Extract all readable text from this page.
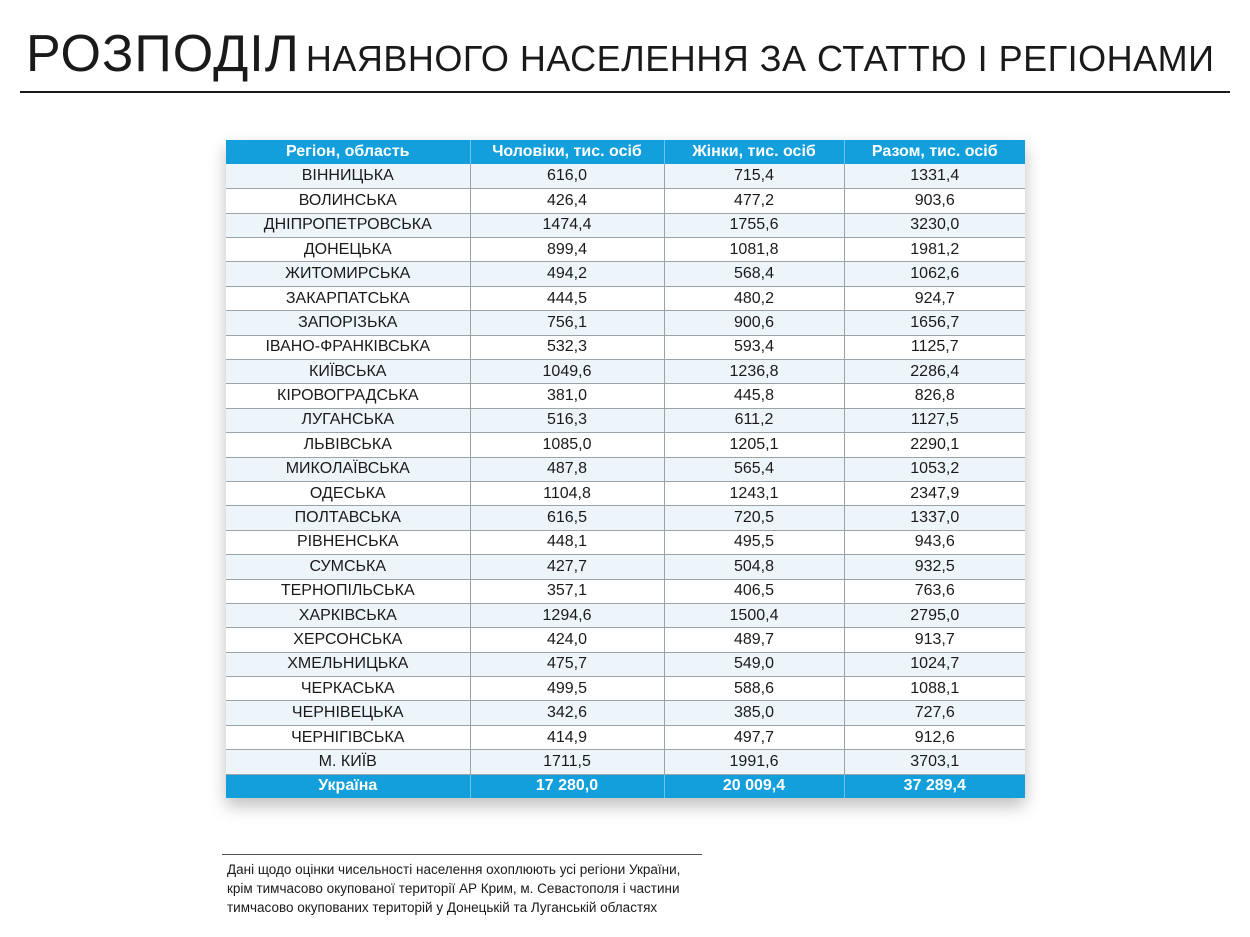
РОЗПОДІЛ НАЯВНОГО НАСЕЛЕННЯ ЗА СТАТТЮ І РЕГІОНАМИ
Регіон, область	Чоловіки, тис. осіб	Жінки, тис. осіб	Разом, тис. осіб
ВІННИЦЬКА	616,0	715,4	1331,4
ВОЛИНСЬКА	426,4	477,2	903,6
ДНІПРОПЕТРОВСЬКА	1474,4	1755,6	3230,0
ДОНЕЦЬКА	899,4	1081,8	1981,2
ЖИТОМИРСЬКА	494,2	568,4	1062,6
ЗАКАРПАТСЬКА	444,5	480,2	924,7
ЗАПОРІЗЬКА	756,1	900,6	1656,7
ІВАНО-ФРАНКІВСЬКА	532,3	593,4	1125,7
КИЇВСЬКА	1049,6	1236,8	2286,4
КІРОВОГРАДСЬКА	381,0	445,8	826,8
ЛУГАНСЬКА	516,3	611,2	1127,5
ЛЬВІВСЬКА	1085,0	1205,1	2290,1
МИКОЛАЇВСЬКА	487,8	565,4	1053,2
ОДЕСЬКА	1104,8	1243,1	2347,9
ПОЛТАВСЬКА	616,5	720,5	1337,0
РІВНЕНСЬКА	448,1	495,5	943,6
СУМСЬКА	427,7	504,8	932,5
ТЕРНОПІЛЬСЬКА	357,1	406,5	763,6
ХАРКІВСЬКА	1294,6	1500,4	2795,0
ХЕРСОНСЬКА	424,0	489,7	913,7
ХМЕЛЬНИЦЬКА	475,7	549,0	1024,7
ЧЕРКАСЬКА	499,5	588,6	1088,1
ЧЕРНІВЕЦЬКА	342,6	385,0	727,6
ЧЕРНІГІВСЬКА	414,9	497,7	912,6
М. КИЇВ	1711,5	1991,6	3703,1
Україна	17 280,0	20 009,4	37 289,4
Дані щодо оцінки чисельності населення охоплюють усі регіони України, крім тимчасово окупованої території АР Крим, м. Севастополя і частини тимчасово окупованих територій у Донецькій та Луганській областях
